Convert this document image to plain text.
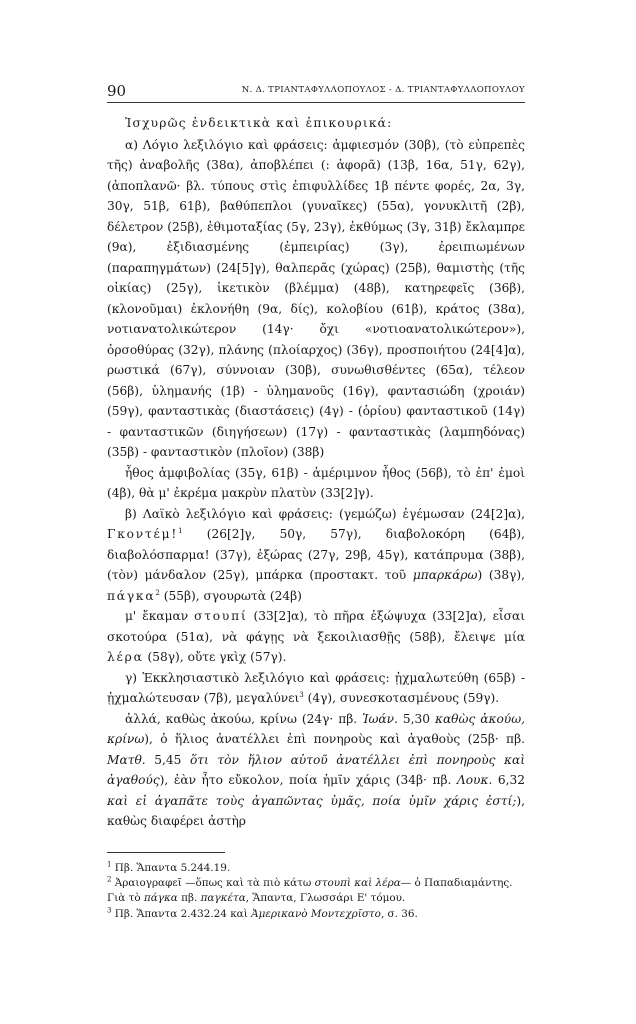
90	Ν. Δ. ΤΡΙΑΝΤΑΦΥΛΛΟΠΟΥΛΟΣ - Δ. ΤΡΙΑΝΤΑΦΥΛΛΟΠΟΥΛΟΥ

Ἰσχυρῶς ἐνδεικτικὰ καὶ ἐπικουρικά:

α) Λόγιο λεξιλόγιο καὶ φράσεις: ἀμφιεσμόν (30β), (τὸ εὐπρεπὲς τῆς) ἀναβολῆς (38α), ἀποβλέπει (: ἀφορᾶ) (13β, 16α, 51γ, 62γ), (ἀποπλανῶ· βλ. τύπους στὶς ἐπιφυλλίδες 1β πέντε φορές, 2α, 3γ, 30γ, 51β, 61β), βαθύπεπλοι (γυναῖκες) (55α), γονυκλιτῆ (2β), δέλετρον (25β), ἐθιμοταξίας (5γ, 23γ), ἐκθύμως (3γ, 31β) ἔκλαμπρε (9α), ἐξιδιασμένης (ἐμπειρίας) (3γ), ἐρειπιωμένων (παραπηγμάτων) (24[5]γ), θαλπερᾶς (χώρας) (25β), θαμιστὴς (τῆς οἰκίας) (25γ), ἱκετικὸν (βλέμμα) (48β), κατηρεφεῖς (36β), (κλονοῦμαι) ἐκλονήθη (9α, δίς), κολοβίου (61β), κράτος (38α), νοτιανατολικώτερον (14γ· ὄχι «νοτιοανατολικώτερον»), ὀρσοθύρας (32γ), πλάνης (πλοίαρχος) (36γ), προσποιήτου (24[4]α), ρωστικά (67γ), σύννοιαν (30β), συνωθισθέντες (65α), τέλεον (56β), ὑλημανής (1β) - ὑλημανοῦς (16γ), φαντασιώδη (χροιάν) (59γ), φανταστικὰς (διαστάσεις) (4γ) - (ὁρίου) φανταστικοῦ (14γ) - φανταστικῶν (διηγήσεων) (17γ) - φανταστικὰς (λαμπηδόνας) (35β) - φανταστικὸν (πλοῖον) (38β)

ἦθος ἀμφιβολίας (35γ, 61β) - ἀμέριμνον ἦθος (56β), τὸ ἐπ' ἐμοὶ (4β), θὰ μ' ἐκρέμα μακρὺν πλατὺν (33[2]γ).

β) Λαϊκὸ λεξιλόγιο καὶ φράσεις: (γεμώζω) ἐγέμωσαν (24[2]α), Γκοντέμ!$^1$ (26[2]γ, 50γ, 57γ), διαβολοκόρη (64β), διαβολόσπαρμα! (37γ), ἐξώρας (27γ, 29β, 45γ), κατάπρυμα (38β), (τὸν) μάνδαλον (25γ), μπάρκα (προστακτ. τοῦ μπαρκάρω) (38γ), πάγκα$^2$ (55β), σγουρωτὰ (24β)

μ' ἔκαμαν στουπί (33[2]α), τὸ πῆρα ἐξώψυχα (33[2]α), εἶσαι σκοτούρα (51α), νὰ φάγῃς νὰ ξεκοιλιασθῇς (58β), ἔλειψε μία λέρα (58γ), οὔτε γκὶχ (57γ).

γ) Ἐκκλησιαστικὸ λεξιλόγιο καὶ φράσεις: ᾐχμαλωτεύθη (65β) - ᾐχμαλώτευσαν (7β), μεγαλύνει$^3$ (4γ), συνεσκοτασμένους (59γ).

ἀλλά, καθὼς ἀκούω, κρίνω (24γ· πβ. Ἰωάν. 5,30 καθὼς ἀκούω, κρίνω), ὁ ἥλιος ἀνατέλλει ἐπὶ πονηροὺς καὶ ἀγαθοὺς (25β· πβ. Ματθ. 5,45 ὅτι τὸν ἥλιον αὐτοῦ ἀνατέλλει ἐπὶ πονηροὺς καὶ ἀγαθούς), ἐὰν ἦτο εὔκολον, ποία ἡμῖν χάρις (34β· πβ. Λουκ. 6,32 καὶ εἰ ἀγαπᾶτε τοὺς ἀγαπῶντας ὑμᾶς, ποία ὑμῖν χάρις ἐστί;), καθὼς διαφέρει ἀστὴρ

$^1$ Πβ. Ἅπαντα 5.244.19.
$^2$ Ἀραιογραφεῖ —ὅπως καὶ τὰ πιὸ κάτω στουπὶ καὶ λέρα— ὁ Παπαδιαμάντης. Γιὰ τὸ πάγκα πβ. παγκέτα, Ἅπαντα, Γλωσσάρι Ε' τόμου.
$^3$ Πβ. Ἅπαντα 2.432.24 καὶ Ἀμερικανὸ Μοντεχρῖστο, σ. 36.
